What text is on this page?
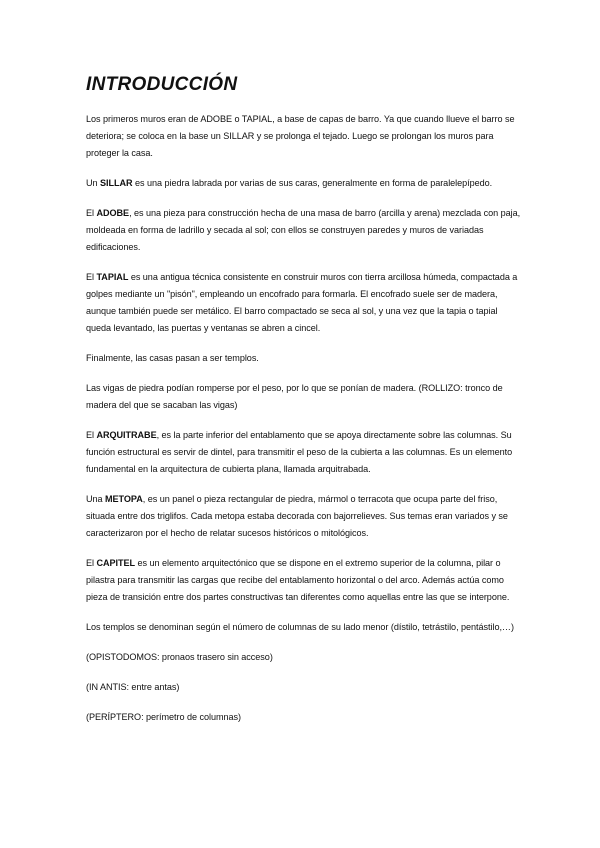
INTRODUCCIÓN

Los primeros muros eran de ADOBE o TAPIAL, a base de capas de barro. Ya que cuando llueve el barro se deteriora; se coloca en la base un SILLAR y se prolonga el tejado. Luego se prolongan los muros para proteger la casa.

Un SILLAR es una piedra labrada por varias de sus caras, generalmente en forma de paralelepípedo.

El ADOBE, es una pieza para construcción hecha de una masa de barro (arcilla y arena) mezclada con paja, moldeada en forma de ladrillo y secada al sol; con ellos se construyen paredes y muros de variadas edificaciones.

El TAPIAL es una antigua técnica consistente en construir muros con tierra arcillosa húmeda, compactada a golpes mediante un "pisón", empleando un encofrado para formarla. El encofrado suele ser de madera, aunque también puede ser metálico. El barro compactado se seca al sol, y una vez que la tapia o tapial queda levantado, las puertas y ventanas se abren a cincel.

Finalmente, las casas pasan a ser templos.

Las vigas de piedra podían romperse por el peso, por lo que se ponían de madera. (ROLLIZO: tronco de madera del que se sacaban las vigas)

El ARQUITRABE, es la parte inferior del entablamento que se apoya directamente sobre las columnas. Su función estructural es servir de dintel, para transmitir el peso de la cubierta a las columnas. Es un elemento fundamental en la arquitectura de cubierta plana, llamada arquitrabada.

Una METOPA, es un panel o pieza rectangular de piedra, mármol o terracota que ocupa parte del friso, situada entre dos triglifos. Cada metopa estaba decorada con bajorrelieves. Sus temas eran variados y se caracterizaron por el hecho de relatar sucesos históricos o mitológicos.

El CAPITEL es un elemento arquitectónico que se dispone en el extremo superior de la columna, pilar o pilastra para transmitir las cargas que recibe del entablamento horizontal o del arco. Además actúa como pieza de transición entre dos partes constructivas tan diferentes como aquellas entre las que se interpone.

Los templos se denominan según el número de columnas de su lado menor (dístilo, tetrástilo, pentástilo,…)

(OPISTODOMOS: pronaos trasero sin acceso)

(IN ANTIS: entre antas)

(PERÍPTERO: perímetro de columnas)
